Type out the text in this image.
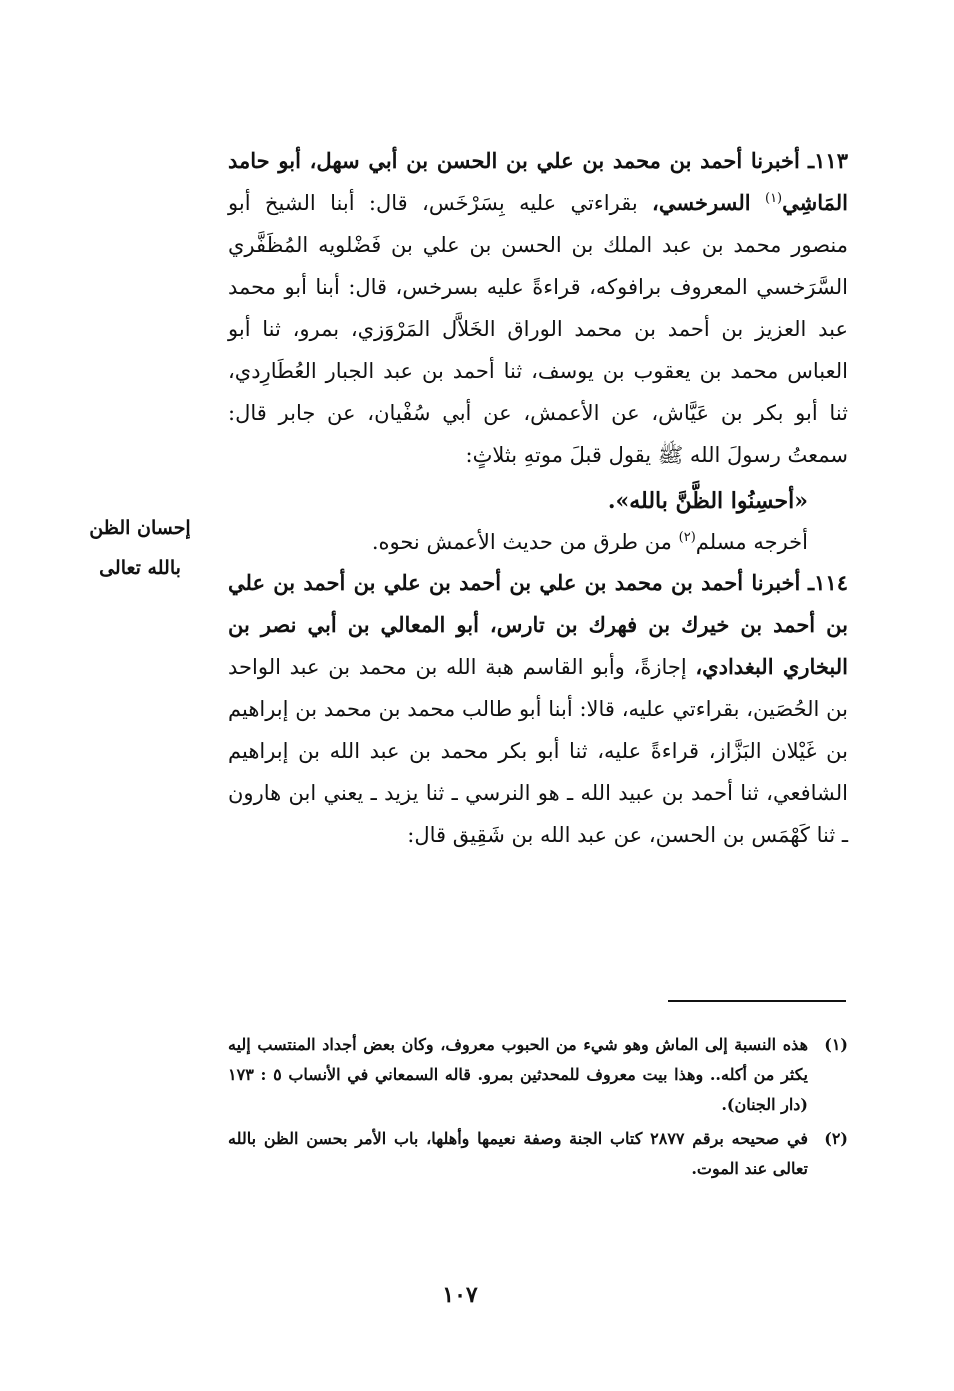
١١٣ـ أخبرنا أحمد بن محمد بن علي بن الحسن بن أبي سهل، أبو حامد المَاشِي$^{(١)}$ السرخسي، بقراءتي عليه بِسَرْخَس، قال: أبنا الشيخ أبو منصور محمد بن عبد الملك بن الحسن بن علي بن فَضْلويه المُظَفَّري السَّرَخسي المعروف برافوكه، قراءةً عليه بسرخس، قال: أبنا أبو محمد عبد العزيز بن أحمد بن محمد الوراق الخَلاَّل المَرْوَزي، بمرو، ثنا أبو العباس محمد بن يعقوب بن يوسف، ثنا أحمد بن عبد الجبار العُطَارِدي، ثنا أبو بكر بن عَيَّاش، عن الأعمش، عن أبي سُفْيان، عن جابر قال: سمعتُ رسولَ الله ﷺ يقول قبلَ موتهِ بثلاثٍ:

«أحسِنُوا الظَّنَّ بالله».

أخرجه مسلم$^{(٢)}$ من طرق من حديث الأعمش نحوه.

١١٤ـ أخبرنا أحمد بن محمد بن علي بن أحمد بن علي بن أحمد بن علي بن أحمد بن خيرك بن فهرك بن تارس، أبو المعالي بن أبي نصر بن البخاري البغدادي، إجازةً، وأبو القاسم هبة الله بن محمد بن عبد الواحد بن الحُصَين، بقراءتي عليه، قالا: أبنا أبو طالب محمد بن محمد بن إبراهيم بن غَيْلان البَزَّاز، قراءةً عليه، ثنا أبو بكر محمد بن عبد الله بن إبراهيم الشافعي، ثنا أحمد بن عبيد الله ـ هو النرسي ـ ثنا يزيد ـ يعني ابن هارون ـ ثنا كَهْمَس بن الحسن، عن عبد الله بن شَقِيق قال:

إحسان الظن
بالله تعالى
(١)
هذه النسبة إلى الماش وهو شيء من الحبوب معروف، وكان بعض أجداد المنتسب إليه يكثر من أكله.. وهذا بيت معروف للمحدثين بمرو. قاله السمعاني في الأنساب ٥ : ١٧٣ (دار الجنان).
(٢)
في صحيحه برقم ٢٨٧٧ كتاب الجنة وصفة نعيمها وأهلها، باب الأمر بحسن الظن بالله تعالى عند الموت.
١٠٧
